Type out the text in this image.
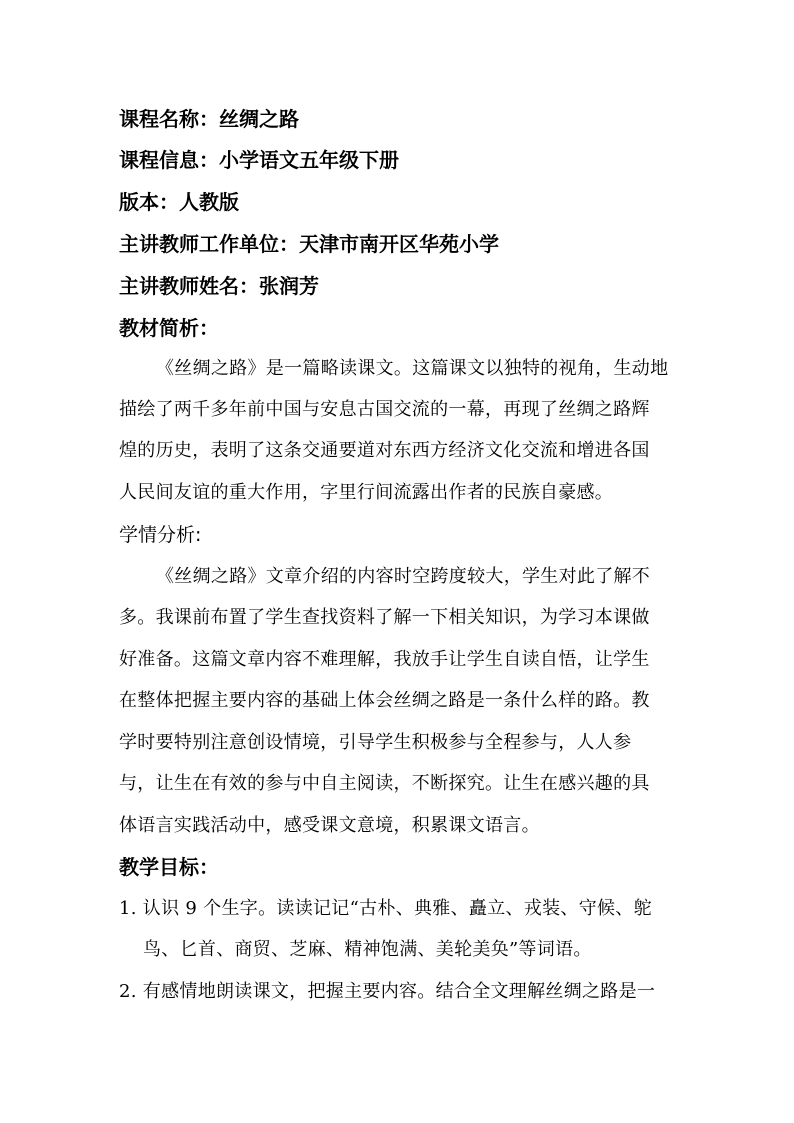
课程名称：丝绸之路
课程信息：小学语文五年级下册
版本：人教版
主讲教师工作单位：天津市南开区华苑小学
主讲教师姓名：张润芳
教材简析：
《丝绸之路》是一篇略读课文。这篇课文以独特的视角，生动地
描绘了两千多年前中国与安息古国交流的一幕，再现了丝绸之路辉
煌的历史，表明了这条交通要道对东西方经济文化交流和增进各国
人民间友谊的重大作用，字里行间流露出作者的民族自豪感。
学情分析:
《丝绸之路》文章介绍的内容时空跨度较大，学生对此了解不
多。我课前布置了学生查找资料了解一下相关知识，为学习本课做
好准备。这篇文章内容不难理解，我放手让学生自读自悟，让学生
在整体把握主要内容的基础上体会丝绸之路是一条什么样的路。教
学时要特别注意创设情境，引导学生积极参与全程参与，人人参
与，让生在有效的参与中自主阅读，不断探究。让生在感兴趣的具
体语言实践活动中，感受课文意境，积累课文语言。
教学目标：
1. 认识 9 个生字。读读记记“古朴、典雅、矗立、戎装、守候、鸵
鸟、匕首、商贸、芝麻、精神饱满、美轮美奂”等词语。
2. 有感情地朗读课文，把握主要内容。结合全文理解丝绸之路是一
